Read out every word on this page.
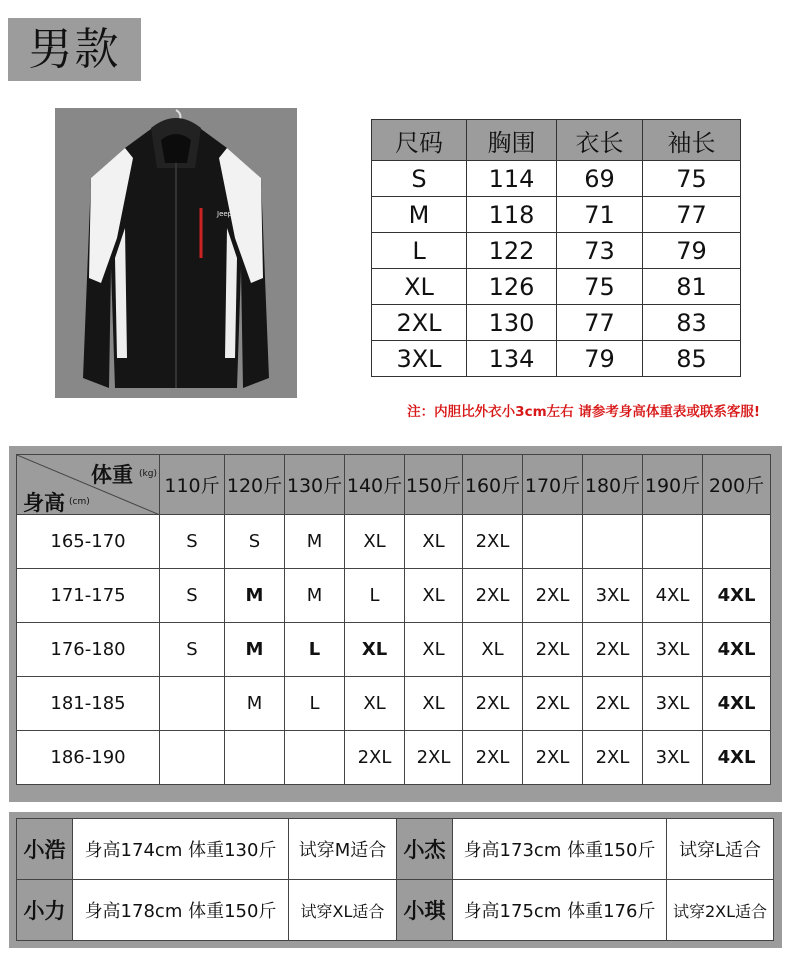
男款
Jeep
尺码	胸围	衣长	袖长
S	114	69	75
M	118	71	77
L	122	73	79
XL	126	75	81
2XL	130	77	83
3XL	134	79	85
注：内胆比外衣小3cm左右 请参考身高体重表或联系客服!
体重 (kg)
身高 (cm)	110斤	120斤	130斤	140斤	150斤	160斤	170斤	180斤	190斤	200斤
165-170	S	S	M	XL	XL	2XL				
171-175	S	M	M	L	XL	2XL	2XL	3XL	4XL	4XL
176-180	S	M	L	XL	XL	XL	2XL	2XL	3XL	4XL
181-185		M	L	XL	XL	2XL	2XL	2XL	3XL	4XL
186-190				2XL	2XL	2XL	2XL	2XL	3XL	4XL
小浩	身高174cm 体重130斤	试穿M适合	小杰	身高173cm 体重150斤	试穿L适合
小力	身高178cm 体重150斤	试穿XL适合	小琪	身高175cm 体重176斤	试穿2XL适合
